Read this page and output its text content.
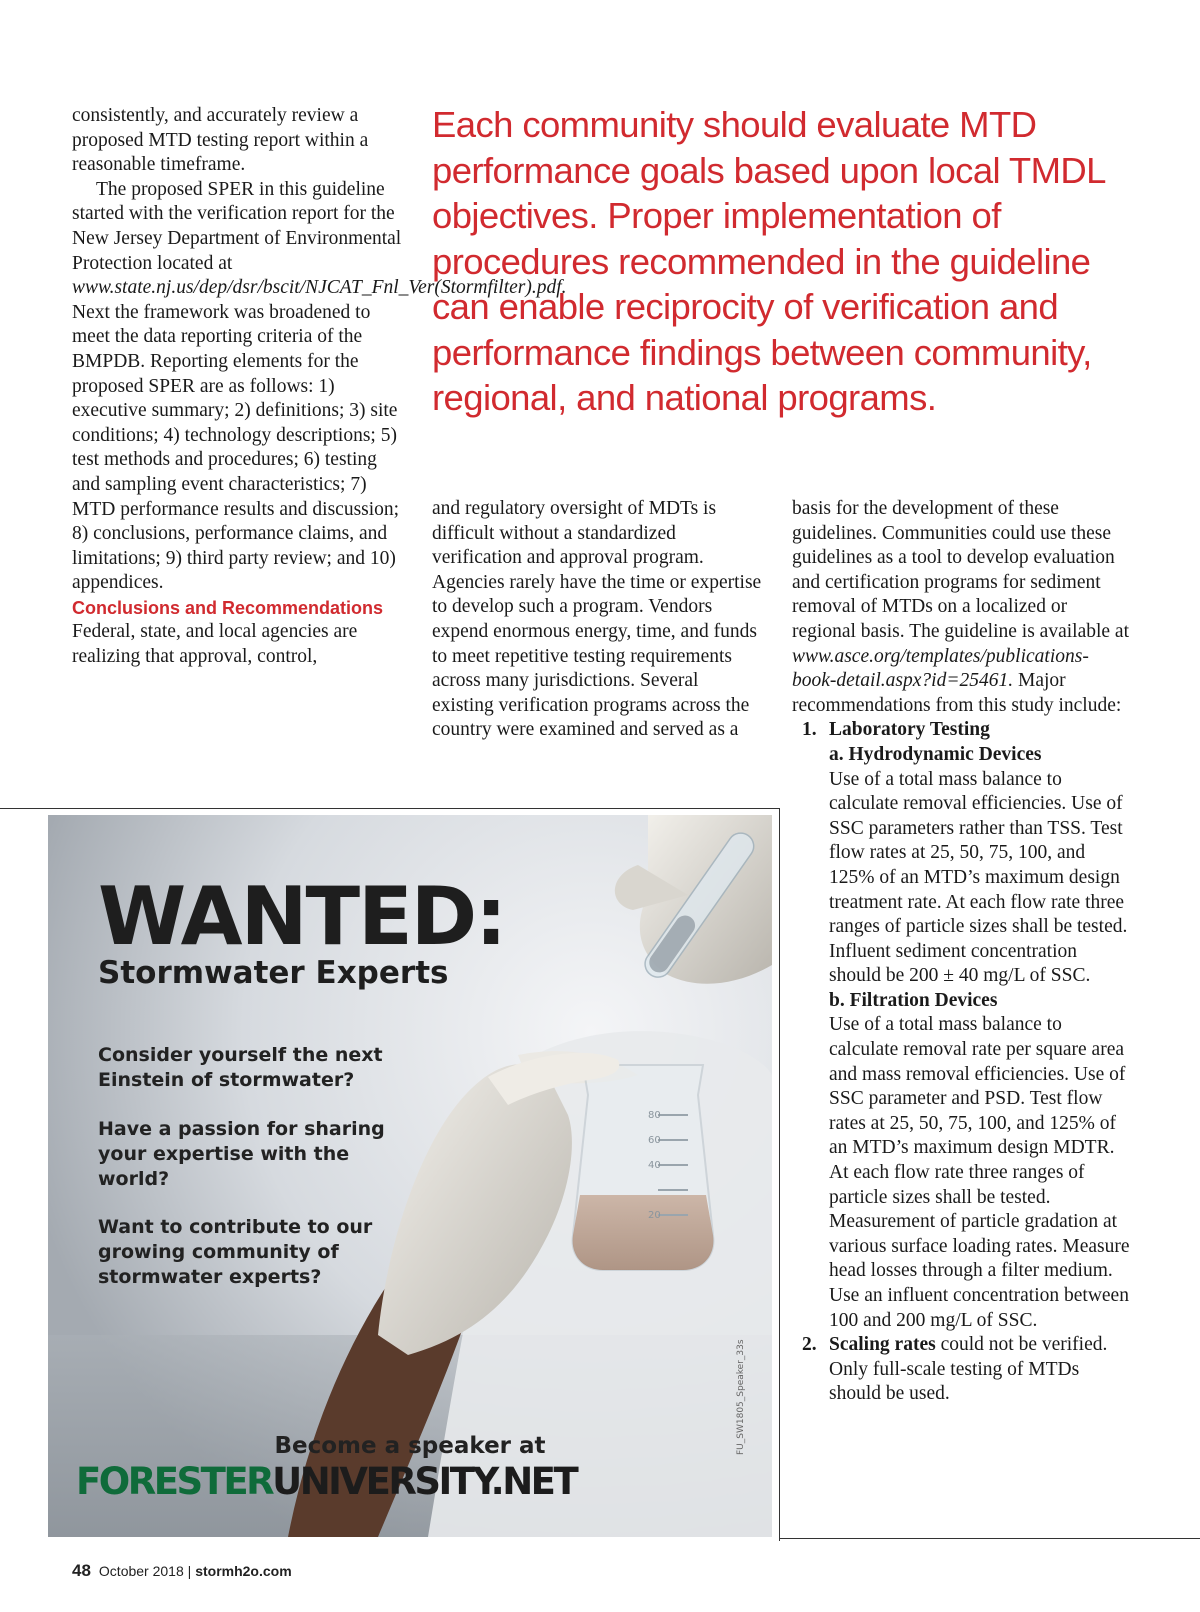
consistently, and accurately review a proposed MTD testing report within a reasonable timeframe.

The proposed SPER in this guideline started with the verification report for the New Jersey Department of Environmental Protection located at www.state.nj.us/dep/dsr/bscit/NJCAT_Fnl_Ver(Stormfilter).pdf. Next the framework was broadened to meet the data reporting criteria of the BMPDB. Reporting elements for the proposed SPER are as follows: 1) executive summary; 2) definitions; 3) site conditions; 4) technology descriptions; 5) test methods and procedures; 6) testing and sampling event characteristics; 7) MTD performance results and discussion; 8) conclusions, performance claims, and limitations; 9) third party review; and 10) appendices.

Conclusions and Recommendations

Federal, state, and local agencies are realizing that approval, control,

Each community should evaluate MTD performance goals based upon local TMDL objectives. Proper implementation of procedures recommended in the guideline can enable reciprocity of verification and performance findings between community, regional, and national programs.

and regulatory oversight of MDTs is difficult without a standardized verification and approval program. Agencies rarely have the time or expertise to develop such a program. Vendors expend enormous energy, time, and funds to meet repetitive testing requirements across many jurisdictions. Several existing verification programs across the country were examined and served as a

basis for the development of these guidelines. Communities could use these guidelines as a tool to develop evaluation and certification programs for sediment removal of MTDs on a localized or regional basis. The guideline is available at www.asce.org/templates/publications-book-detail.aspx?id=25461. Major recommendations from this study include:

1. Laboratory Testing
a. Hydrodynamic Devices
Use of a total mass balance to calculate removal efficiencies. Use of SSC parameters rather than TSS. Test flow rates at 25, 50, 75, 100, and 125% of an MTD’s maximum design treatment rate. At each flow rate three ranges of particle sizes shall be tested. Influent sediment concentration should be 200 ± 40 mg/L of SSC.
b. Filtration Devices
Use of a total mass balance to calculate removal rate per square area and mass removal efficiencies. Use of SSC parameter and PSD. Test flow rates at 25, 50, 75, 100, and 125% of an MTD’s maximum design MDTR. At each flow rate three ranges of particle sizes shall be tested. Measurement of particle gradation at various surface loading rates. Measure head losses through a filter medium. Use an influent concentration between 100 and 200 mg/L of SSC.
2. Scaling rates could not be verified. Only full-scale testing of MTDs should be used.
80
60
40
20
WANTED:
Stormwater Experts
Consider yourself the next Einstein of stormwater?
Have a passion for sharing your expertise with the world?
Want to contribute to our growing community of stormwater experts?
Become a speaker at
FORESTERUNIVERSITY.NET
FU_SW1805_Speaker_33s
48 October 2018 | stormh2o.com
